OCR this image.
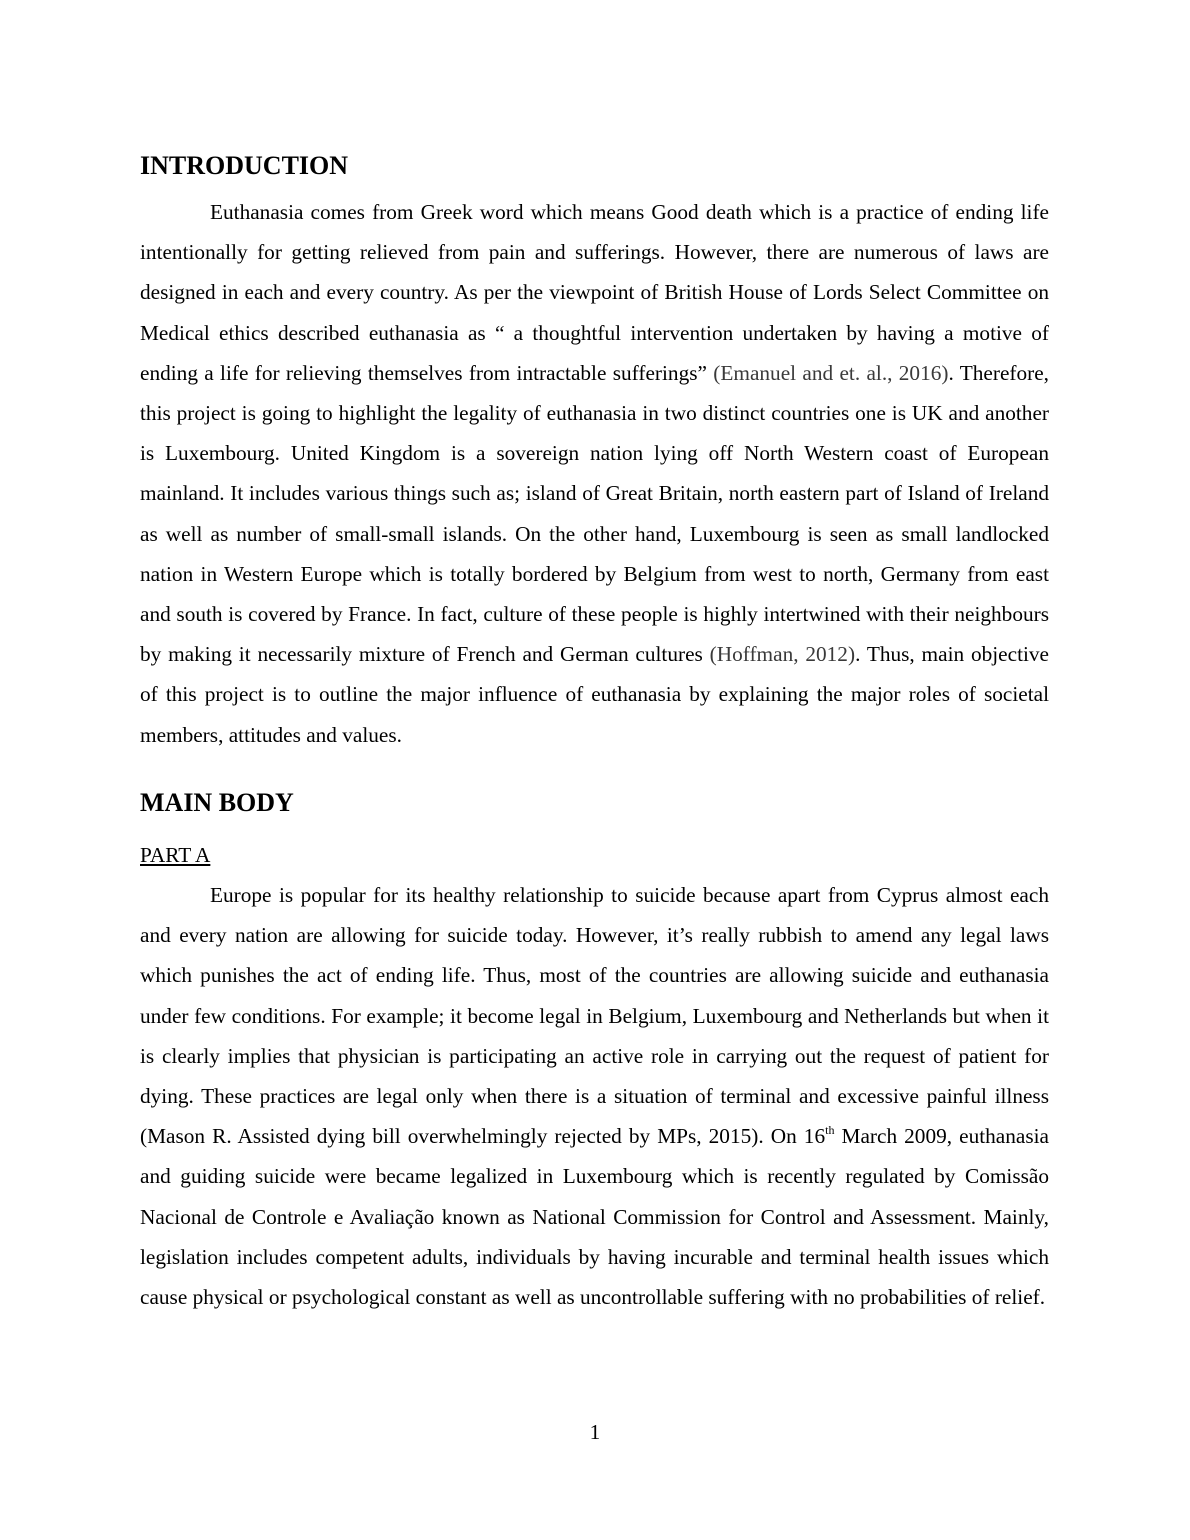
INTRODUCTION

Euthanasia comes from Greek word which means Good death which is a practice of ending life intentionally for getting relieved from pain and sufferings. However, there are numerous of laws are designed in each and every country. As per the viewpoint of British House of Lords Select Committee on Medical ethics described euthanasia as “ a thoughtful intervention undertaken by having a motive of ending a life for relieving themselves from intractable sufferings” (Emanuel and et. al., 2016). Therefore, this project is going to highlight the legality of euthanasia in two distinct countries one is UK and another is Luxembourg. United Kingdom is a sovereign nation lying off North Western coast of European mainland. It includes various things such as; island of Great Britain, north eastern part of Island of Ireland as well as number of small-small islands. On the other hand, Luxembourg is seen as small landlocked nation in Western Europe which is totally bordered by Belgium from west to north, Germany from east and south is covered by France. In fact, culture of these people is highly intertwined with their neighbours by making it necessarily mixture of French and German cultures (Hoffman, 2012). Thus, main objective of this project is to outline the major influence of euthanasia by explaining the major roles of societal members, attitudes and values.

MAIN BODY
PART A

Europe is popular for its healthy relationship to suicide because apart from Cyprus almost each and every nation are allowing for suicide today. However, it’s really rubbish to amend any legal laws which punishes the act of ending life. Thus, most of the countries are allowing suicide and euthanasia under few conditions. For example; it become legal in Belgium, Luxembourg and Netherlands but when it is clearly implies that physician is participating an active role in carrying out the request of patient for dying. These practices are legal only when there is a situation of terminal and excessive painful illness (Mason R. Assisted dying bill overwhelmingly rejected by MPs, 2015). On 16th March 2009, euthanasia and guiding suicide were became legalized in Luxembourg which is recently regulated by Comissão Nacional de Controle e Avaliação known as National Commission for Control and Assessment. Mainly, legislation includes competent adults, individuals by having incurable and terminal health issues which cause physical or psychological constant as well as uncontrollable suffering with no probabilities of relief.

1
